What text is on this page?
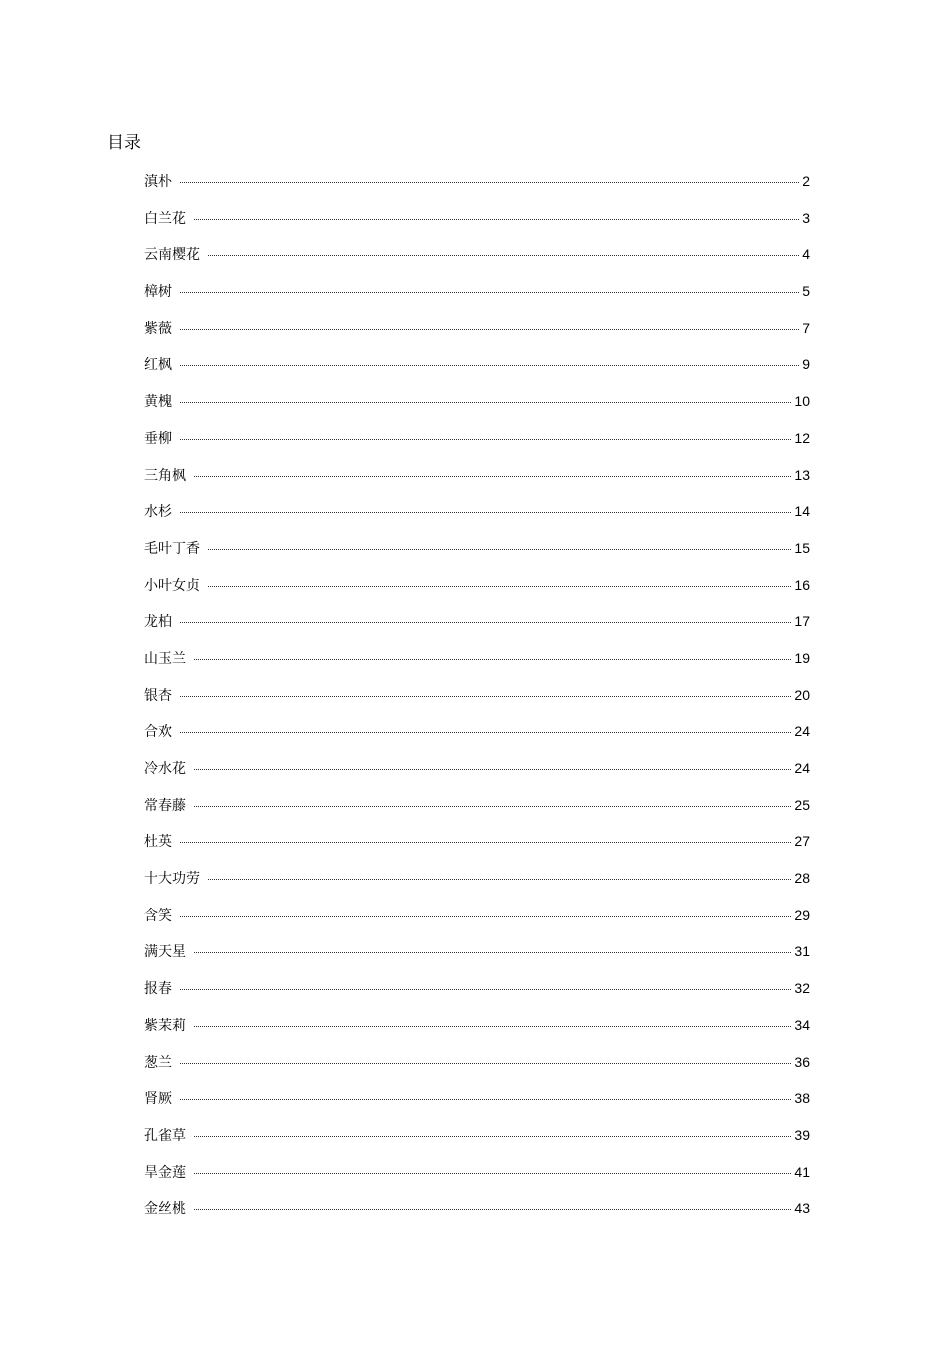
目录
滇朴	2
白兰花	3
云南樱花	4
樟树	5
紫薇	7
红枫	9
黄槐	10
垂柳	12
三角枫	13
水杉	14
毛叶丁香	15
小叶女贞	16
龙柏	17
山玉兰	19
银杏	20
合欢	24
冷水花	24
常春藤	25
杜英	27
十大功劳	28
含笑	29
满天星	31
报春	32
紫茉莉	34
葱兰	36
肾厥	38
孔雀草	39
旱金莲	41
金丝桃	43
